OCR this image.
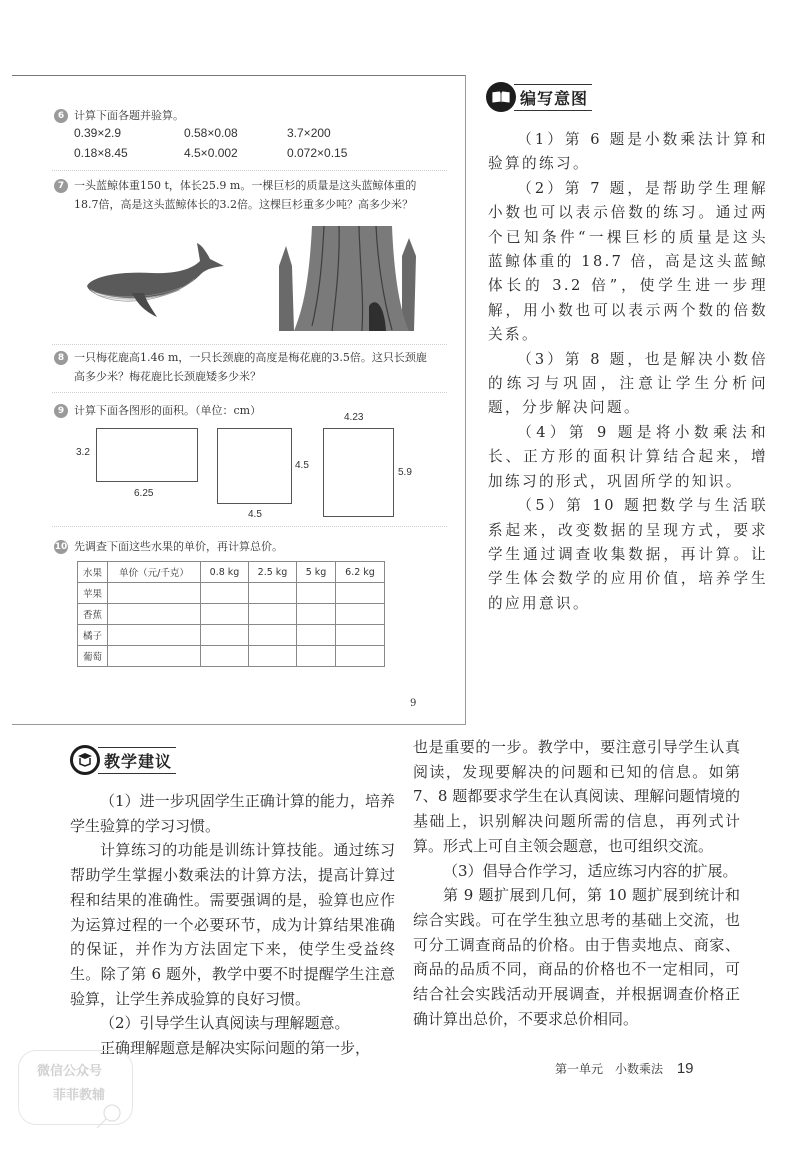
6 计算下面各题并验算。
0.39×2.9	0.58×0.08	3.7×200
0.18×8.45	4.5×0.002	0.072×0.15
7 一头蓝鲸体重150 t，体长25.9 m。一棵巨杉的质量是这头蓝鲸体重的
18.7倍，高是这头蓝鲸体长的3.2倍。这棵巨杉重多少吨？高多少米？
8 一只梅花鹿高1.46 m，一只长颈鹿的高度是梅花鹿的3.5倍。这只长颈鹿
高多少米？梅花鹿比长颈鹿矮多少米？
9 计算下面各图形的面积。（单位：cm）
3.2
6.25
4.5
4.5
4.23
5.9
10 先调查下面这些水果的单价，再计算总价。
水果	单价（元/千克）	0.8 kg	2.5 kg	5 kg	6.2 kg
苹果					
香蕉					
橘子					
葡萄					
9
编写意图

（1）第 6 题是小数乘法计算和验算的练习。

（2）第 7 题，是帮助学生理解小数也可以表示倍数的练习。通过两个已知条件“一棵巨杉的质量是这头蓝鲸体重的 18.7 倍，高是这头蓝鲸体长的 3.2 倍”，使学生进一步理解，用小数也可以表示两个数的倍数关系。

（3）第 8 题，也是解决小数倍的练习与巩固，注意让学生分析问题，分步解决问题。

（4）第 9 题是将小数乘法和长、正方形的面积计算结合起来，增加练习的形式，巩固所学的知识。

（5）第 10 题把数学与生活联系起来，改变数据的呈现方式，要求学生通过调查收集数据，再计算。让学生体会数学的应用价值，培养学生的应用意识。

教学建议

（1）进一步巩固学生正确计算的能力，培养学生验算的学习习惯。

计算练习的功能是训练计算技能。通过练习帮助学生掌握小数乘法的计算方法，提高计算过程和结果的准确性。需要强调的是，验算也应作为运算过程的一个必要环节，成为计算结果准确的保证，并作为方法固定下来，使学生受益终生。除了第 6 题外，教学中要不时提醒学生注意验算，让学生养成验算的良好习惯。

（2）引导学生认真阅读与理解题意。

正确理解题意是解决实际问题的第一步，

也是重要的一步。教学中，要注意引导学生认真阅读，发现要解决的问题和已知的信息。如第 7、8 题都要求学生在认真阅读、理解问题情境的基础上，识别解决问题所需的信息，再列式计算。形式上可自主领会题意，也可组织交流。

（3）倡导合作学习，适应练习内容的扩展。

第 9 题扩展到几何，第 10 题扩展到统计和综合实践。可在学生独立思考的基础上交流，也可分工调查商品的价格。由于售卖地点、商家、商品的品质不同，商品的价格也不一定相同，可结合社会实践活动开展调查，并根据调查价格正确计算出总价，不要求总价相同。

第一单元　小数乘法 19
微信公众号
菲菲教辅
